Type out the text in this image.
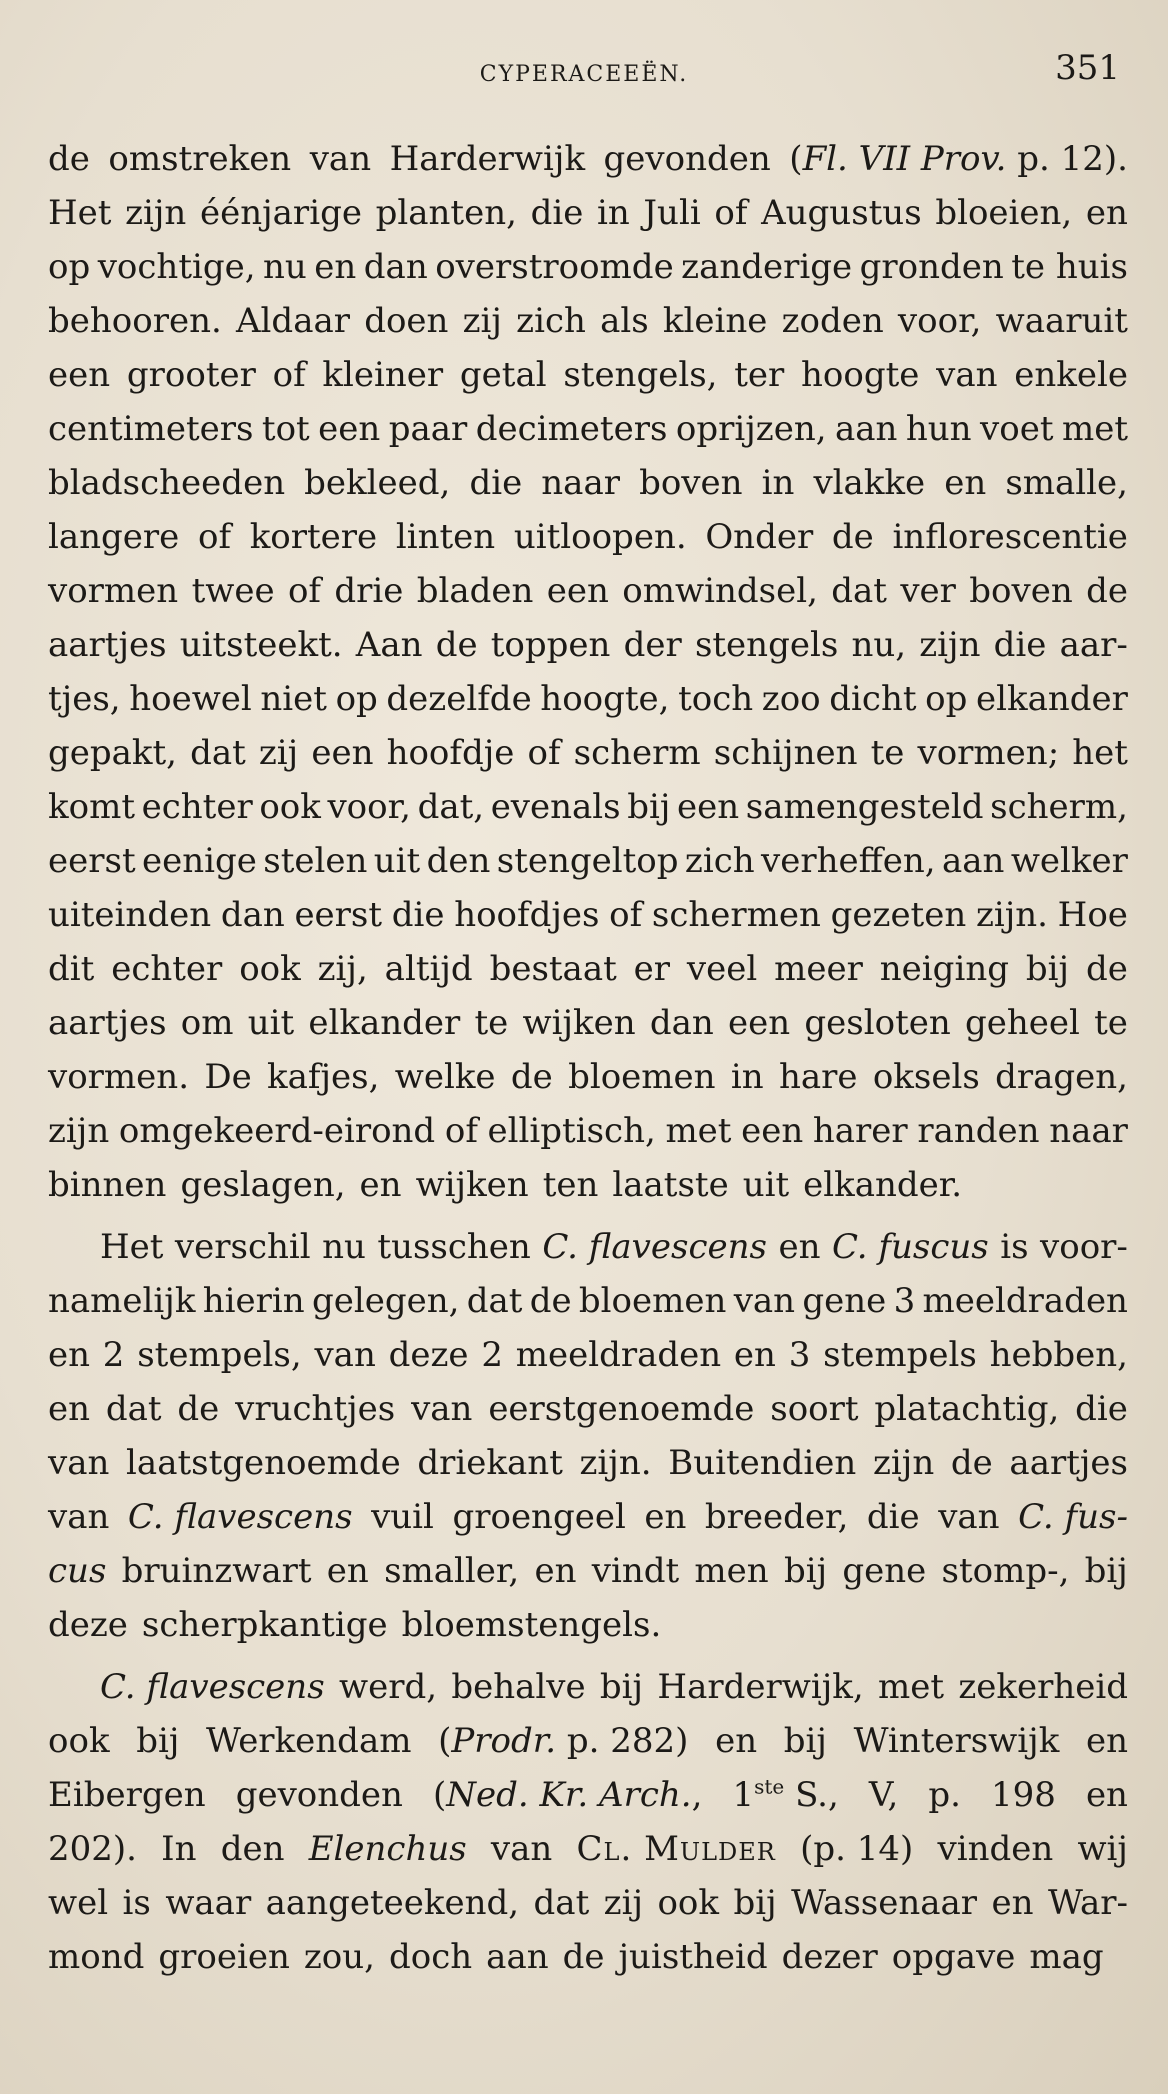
CYPERACEEËN.	351
de omstreken van Harderwijk gevonden (Fl. VII Prov. p. 12).
Het zijn éénjarige planten, die in Juli of Augustus bloeien, en
op vochtige, nu en dan overstroomde zanderige gronden te huis
behooren. Aldaar doen zij zich als kleine zoden voor, waaruit
een grooter of kleiner getal stengels, ter hoogte van enkele
centimeters tot een paar decimeters oprijzen, aan hun voet met
bladscheeden bekleed, die naar boven in vlakke en smalle,
langere of kortere linten uitloopen. Onder de inflorescentie
vormen twee of drie bladen een omwindsel, dat ver boven de
aartjes uitsteekt. Aan de toppen der stengels nu, zijn die aar-
tjes, hoewel niet op dezelfde hoogte, toch zoo dicht op elkander
gepakt, dat zij een hoofdje of scherm schijnen te vormen; het
komt echter ook voor, dat, evenals bij een samengesteld scherm,
eerst eenige stelen uit den stengeltop zich verheffen, aan welker
uiteinden dan eerst die hoofdjes of schermen gezeten zijn. Hoe
dit echter ook zij, altijd bestaat er veel meer neiging bij de
aartjes om uit elkander te wijken dan een gesloten geheel te
vormen. De kafjes, welke de bloemen in hare oksels dragen,
zijn omgekeerd-eirond of elliptisch, met een harer randen naar
binnen geslagen, en wijken ten laatste uit elkander.
Het verschil nu tusschen C. flavescens en C. fuscus is voor-
namelijk hierin gelegen, dat de bloemen van gene 3 meeldraden
en 2 stempels, van deze 2 meeldraden en 3 stempels hebben,
en dat de vruchtjes van eerstgenoemde soort platachtig, die
van laatstgenoemde driekant zijn. Buitendien zijn de aartjes
van C. flavescens vuil groengeel en breeder, die van C. fus-
cus bruinzwart en smaller, en vindt men bij gene stomp-, bij
deze scherpkantige bloemstengels.
C. flavescens werd, behalve bij Harderwijk, met zekerheid
ook bij Werkendam (Prodr. p. 282) en bij Winterswijk en
Eibergen gevonden (Ned. Kr. Arch., 1ste S., V, p. 198 en
202). In den Elenchus van Cl. Mulder (p. 14) vinden wij
wel is waar aangeteekend, dat zij ook bij Wassenaar en War-
mond groeien zou, doch aan de juistheid dezer opgave mag
